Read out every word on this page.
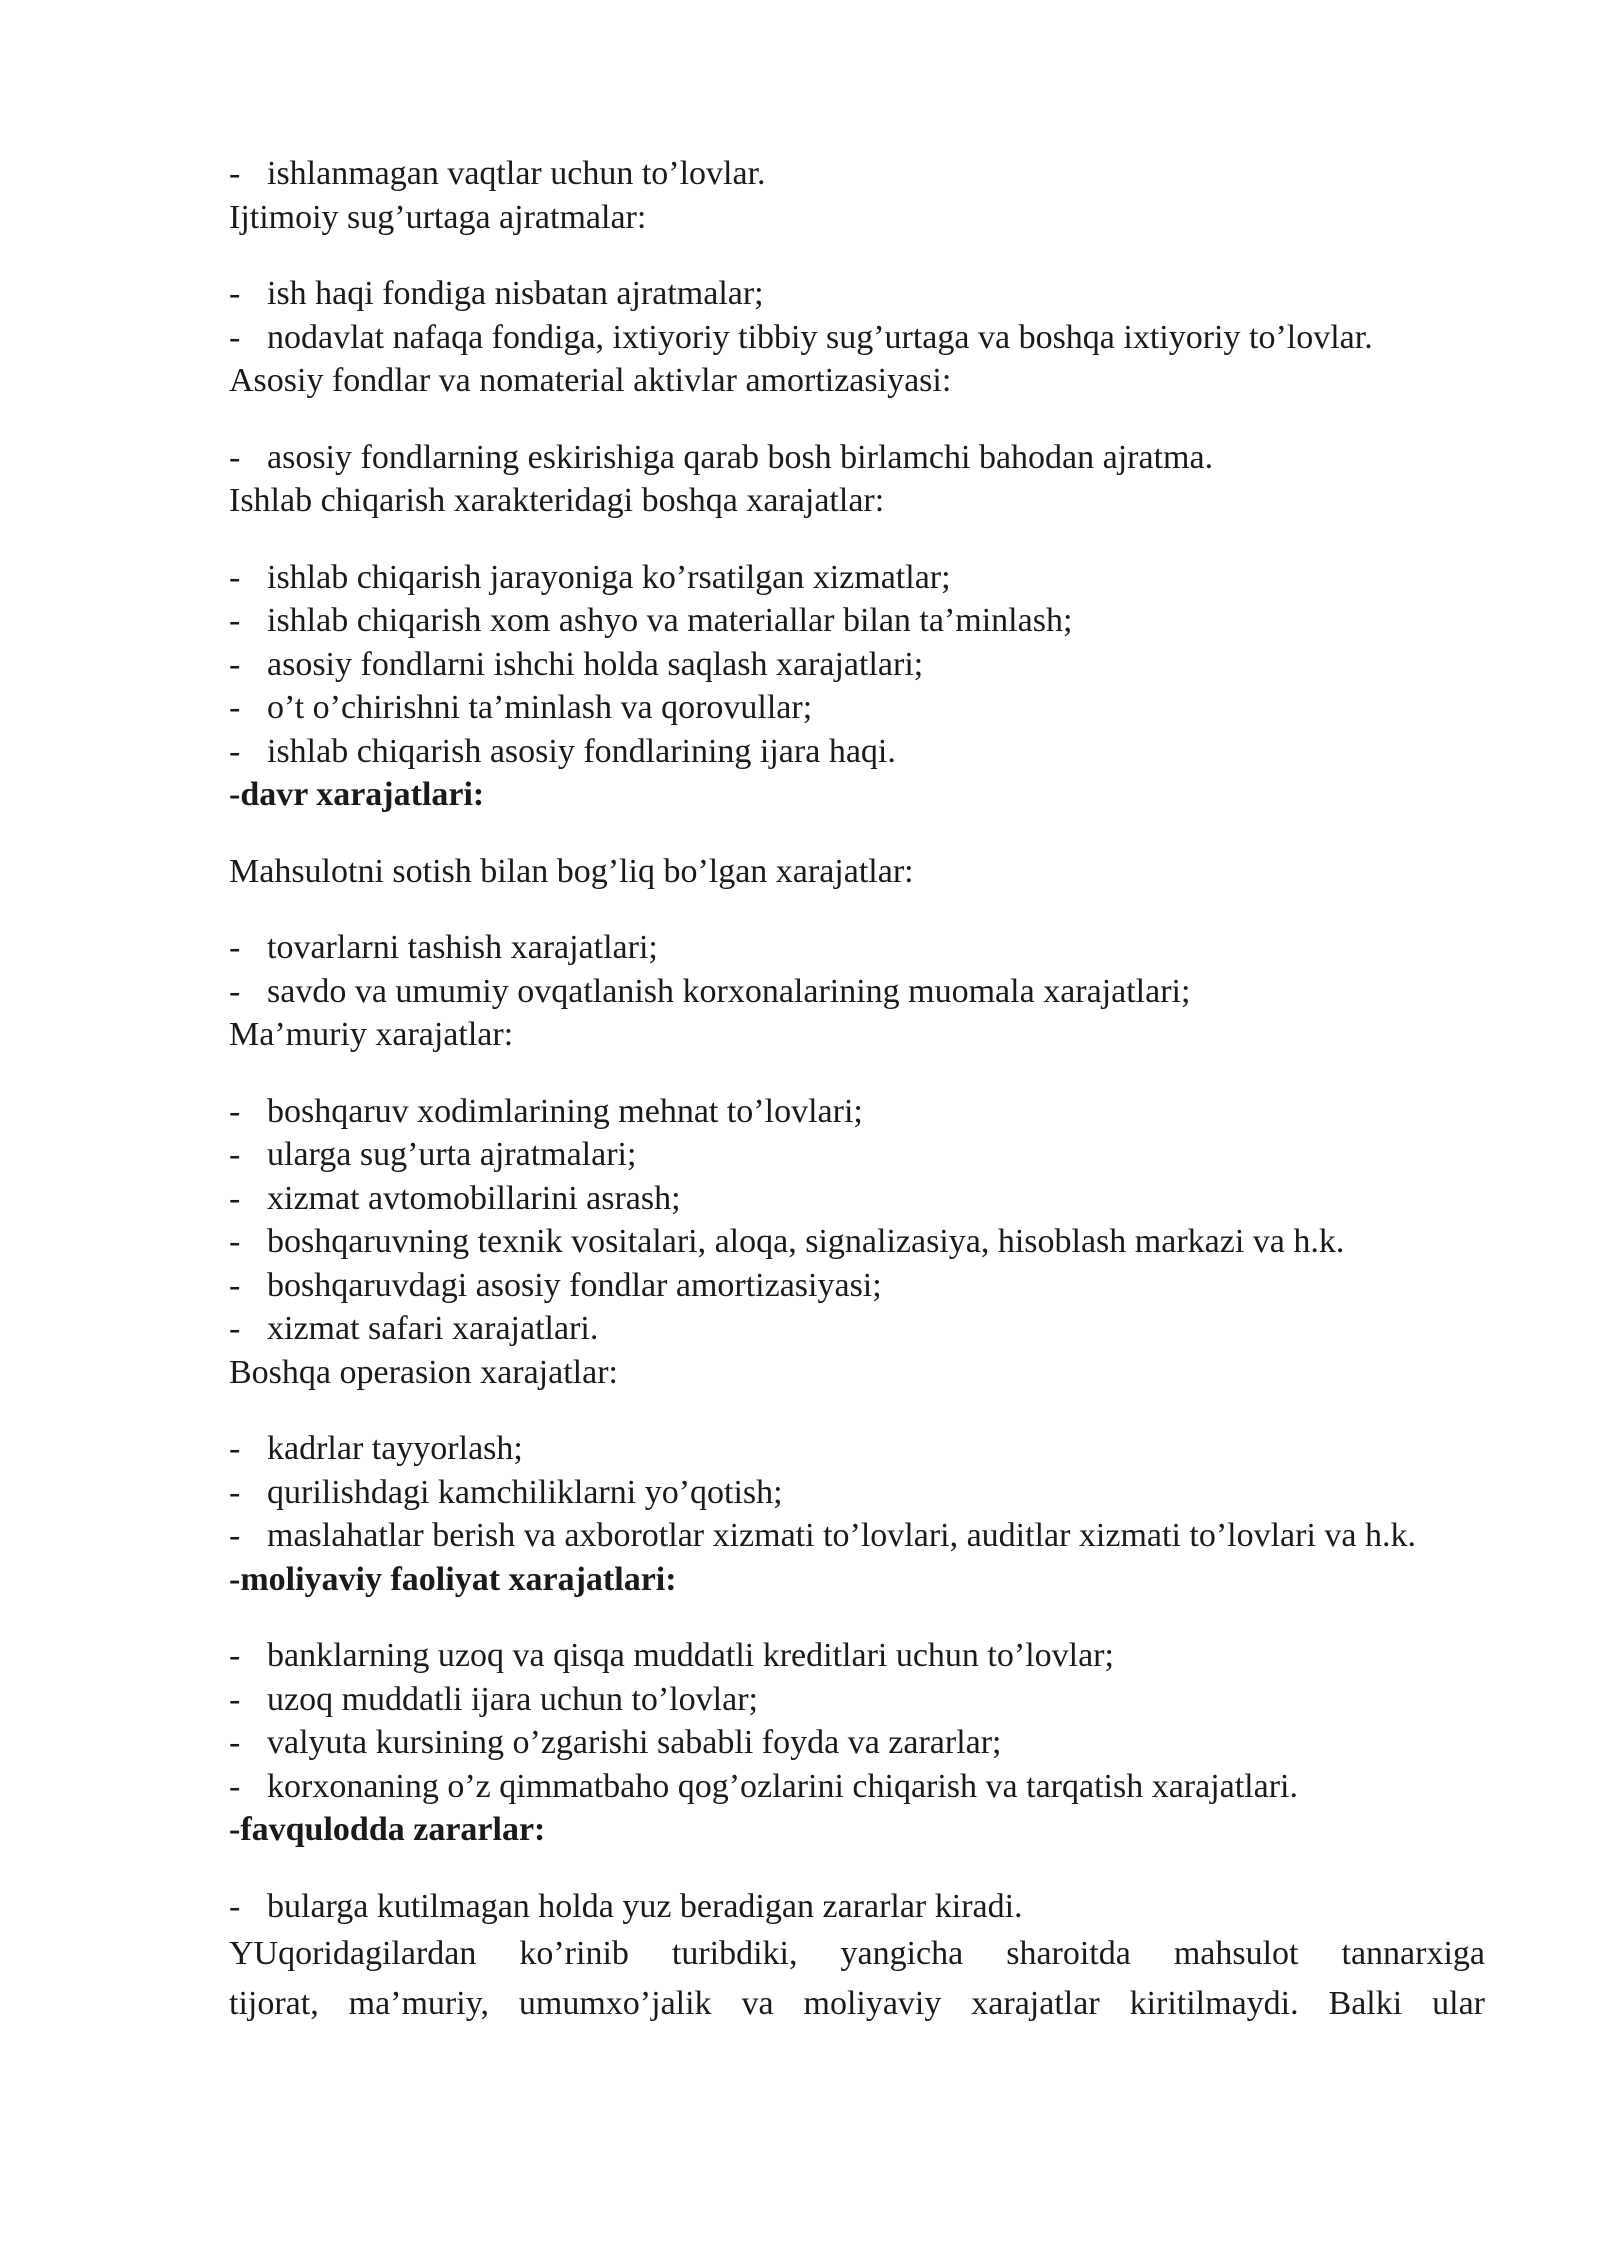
- ishlanmagan vaqtlar uchun to’lovlar.
Ijtimoiy sug’urtaga ajratmalar:
- ish haqi fondiga nisbatan ajratmalar;
- nodavlat nafaqa fondiga, ixtiyoriy tibbiy sug’urtaga va boshqa ixtiyoriy to’lovlar.
Asosiy fondlar va nomaterial aktivlar amortizasiyasi:
- asosiy fondlarning eskirishiga qarab bosh birlamchi bahodan ajratma.
Ishlab chiqarish xarakteridagi boshqa xarajatlar:
- ishlab chiqarish jarayoniga ko’rsatilgan xizmatlar;
- ishlab chiqarish xom ashyo va materiallar bilan ta’minlash;
- asosiy fondlarni ishchi holda saqlash xarajatlari;
- o’t o’chirishni ta’minlash va qorovullar;
- ishlab chiqarish asosiy fondlarining ijara haqi.
-davr xarajatlari:
Mahsulotni sotish bilan bog’liq bo’lgan xarajatlar:
- tovarlarni tashish xarajatlari;
- savdo va umumiy ovqatlanish korxonalarining muomala xarajatlari;
Ma’muriy xarajatlar:
- boshqaruv xodimlarining mehnat to’lovlari;
- ularga sug’urta ajratmalari;
- xizmat avtomobillarini asrash;
- boshqaruvning texnik vositalari, aloqa, signalizasiya, hisoblash markazi va h.k.
- boshqaruvdagi asosiy fondlar amortizasiyasi;
- xizmat safari xarajatlari.
Boshqa operasion xarajatlar:
- kadrlar tayyorlash;
- qurilishdagi kamchiliklarni yo’qotish;
- maslahatlar berish va axborotlar xizmati to’lovlari, auditlar xizmati to’lovlari va h.k.
-moliyaviy faoliyat xarajatlari:
- banklarning uzoq va qisqa muddatli kreditlari uchun to’lovlar;
- uzoq muddatli ijara uchun to’lovlar;
- valyuta kursining o’zgarishi sababli foyda va zararlar;
- korxonaning o’z qimmatbaho qog’ozlarini chiqarish va tarqatish xarajatlari.
-favqulodda zararlar:
- bularga kutilmagan holda yuz beradigan zararlar kiradi.
YUqoridagilardan ko’rinib turibdiki, yangicha sharoitda mahsulot tannarxiga
tijorat, ma’muriy, umumxo’jalik va moliyaviy xarajatlar kiritilmaydi. Balki ular
